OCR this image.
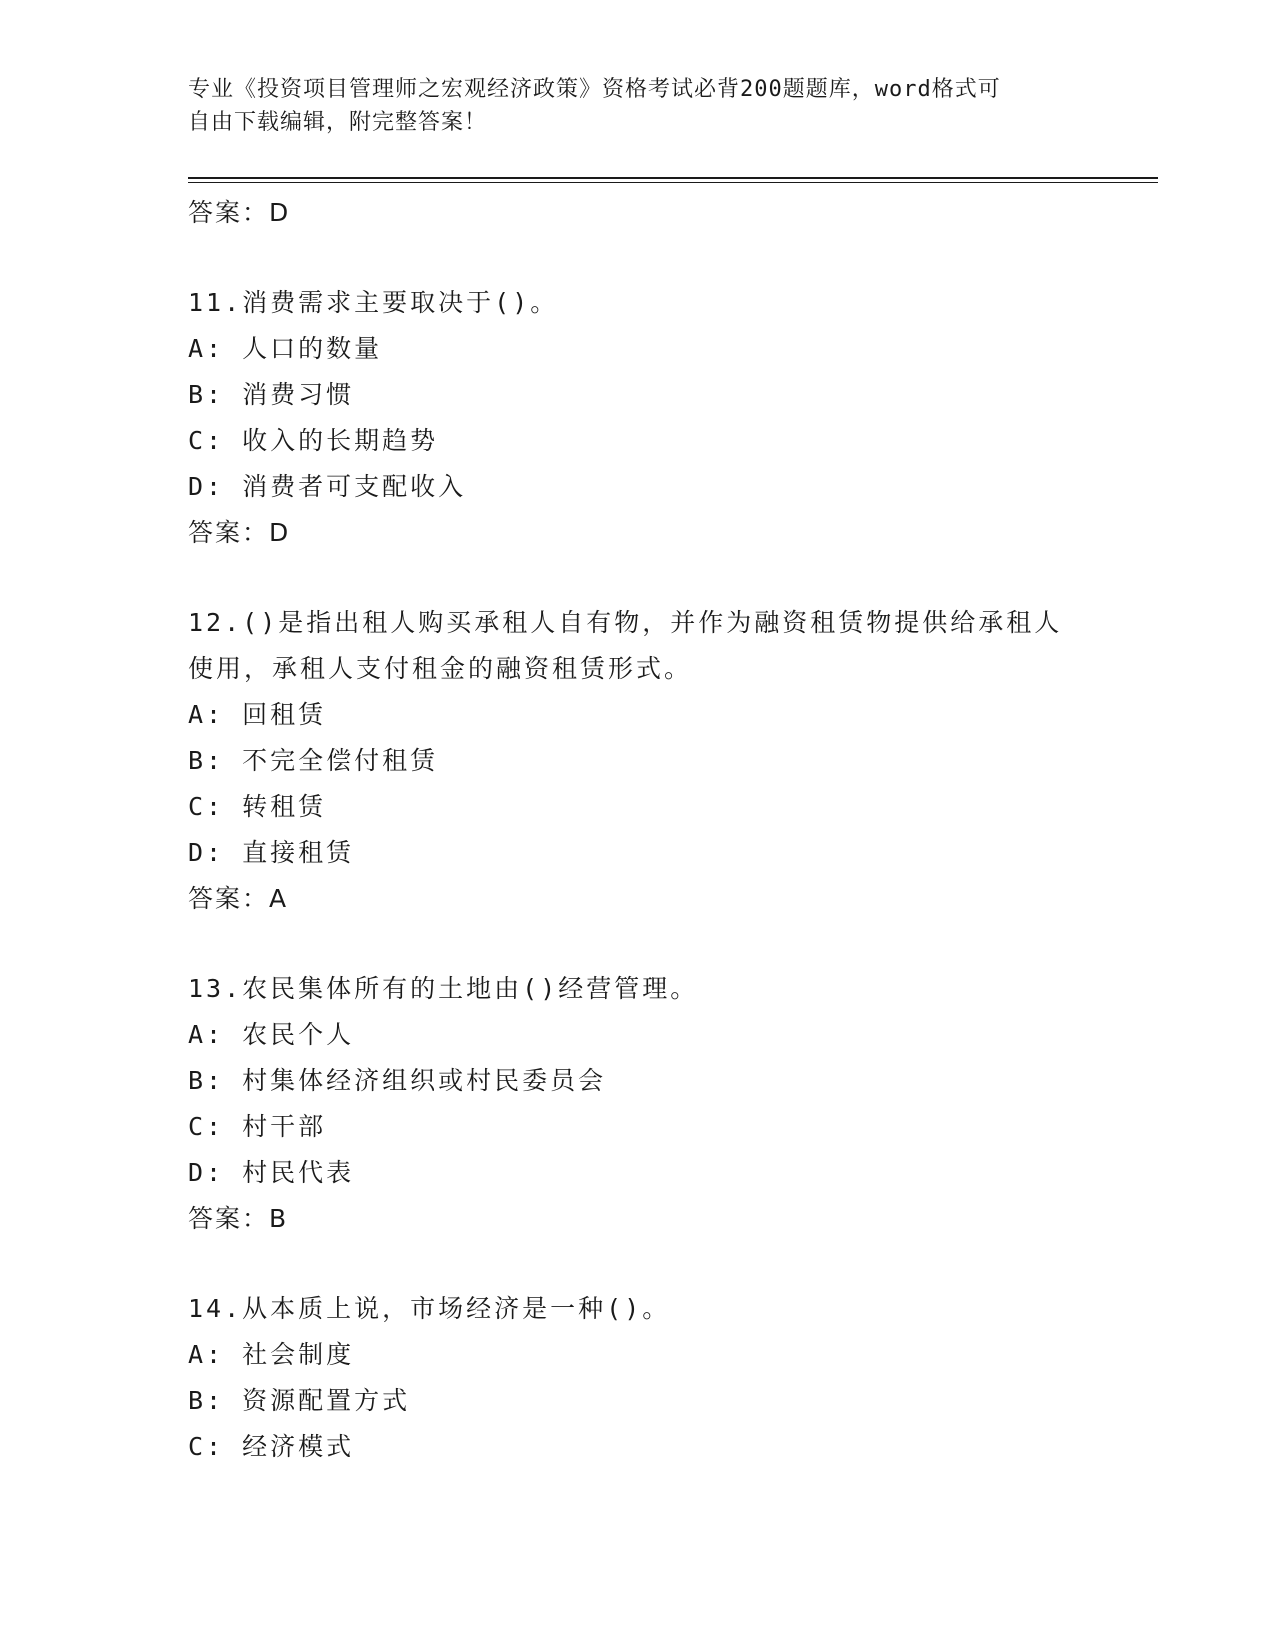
专业《投资项目管理师之宏观经济政策》资格考试必背200题题库，word格式可
自由下载编辑，附完整答案！
答案：D
11.消费需求主要取决于()。
A: 人口的数量
B: 消费习惯
C: 收入的长期趋势
D: 消费者可支配收入
答案：D
12.()是指出租人购买承租人自有物，并作为融资租赁物提供给承租人
使用，承租人支付租金的融资租赁形式。
A: 回租赁
B: 不完全偿付租赁
C: 转租赁
D: 直接租赁
答案：A
13.农民集体所有的土地由()经营管理。
A: 农民个人
B: 村集体经济组织或村民委员会
C: 村干部
D: 村民代表
答案：B
14.从本质上说，市场经济是一种()。
A: 社会制度
B: 资源配置方式
C: 经济模式
